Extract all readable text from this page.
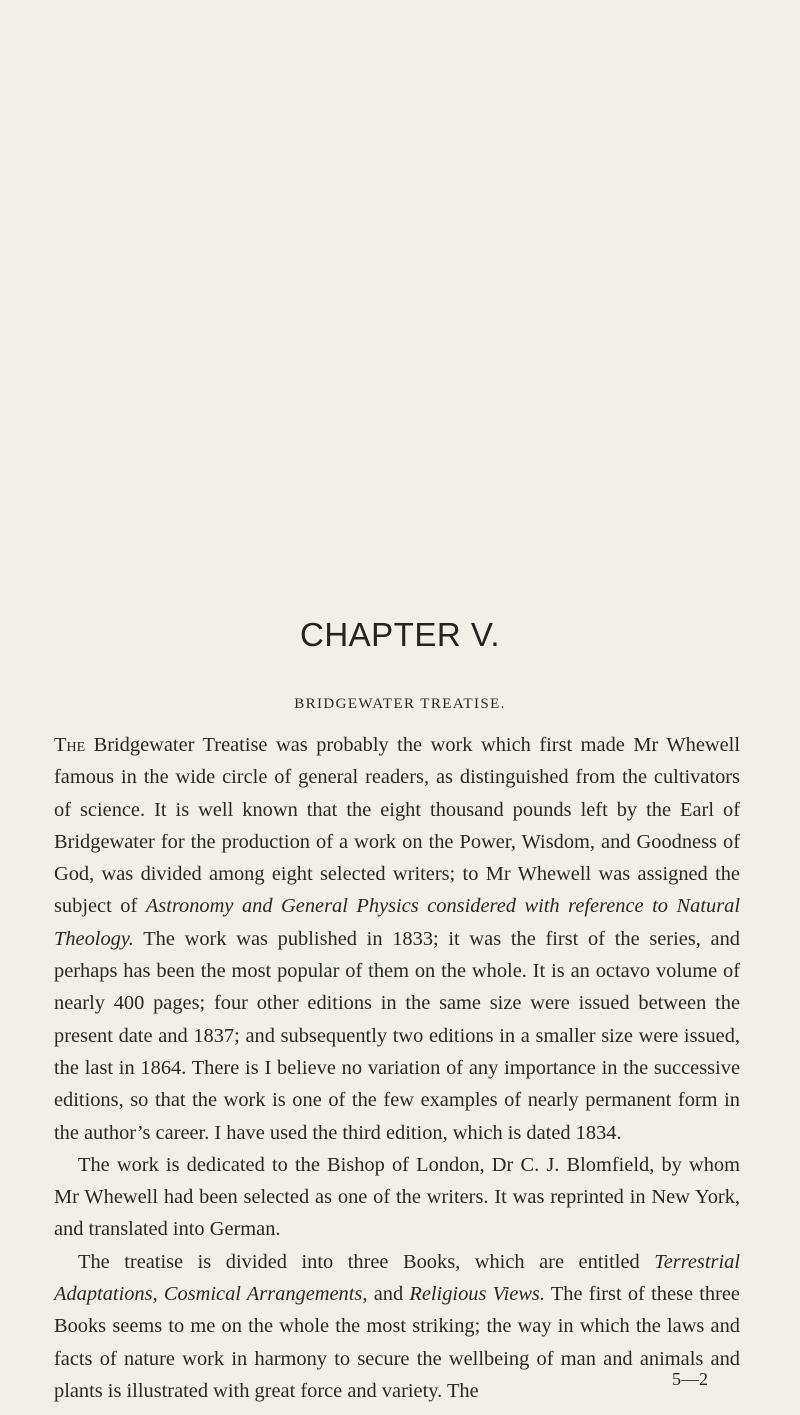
CHAPTER V.
BRIDGEWATER TREATISE.

The Bridgewater Treatise was probably the work which first made Mr Whewell famous in the wide circle of general readers, as distinguished from the cultivators of science. It is well known that the eight thousand pounds left by the Earl of Bridgewater for the production of a work on the Power, Wisdom, and Goodness of God, was divided among eight selected writers; to Mr Whewell was assigned the subject of Astronomy and General Physics considered with reference to Natural Theology. The work was published in 1833; it was the first of the series, and perhaps has been the most popular of them on the whole. It is an octavo volume of nearly 400 pages; four other editions in the same size were issued between the present date and 1837; and subsequently two editions in a smaller size were issued, the last in 1864. There is I believe no variation of any importance in the successive editions, so that the work is one of the few examples of nearly permanent form in the author’s career. I have used the third edition, which is dated 1834.

The work is dedicated to the Bishop of London, Dr C. J. Blomfield, by whom Mr Whewell had been selected as one of the writers. It was reprinted in New York, and translated into German.

The treatise is divided into three Books, which are entitled Terrestrial Adaptations, Cosmical Arrangements, and Religious Views. The first of these three Books seems to me on the whole the most striking; the way in which the laws and facts of nature work in harmony to secure the wellbeing of man and animals and plants is illustrated with great force and variety. The

5—2
